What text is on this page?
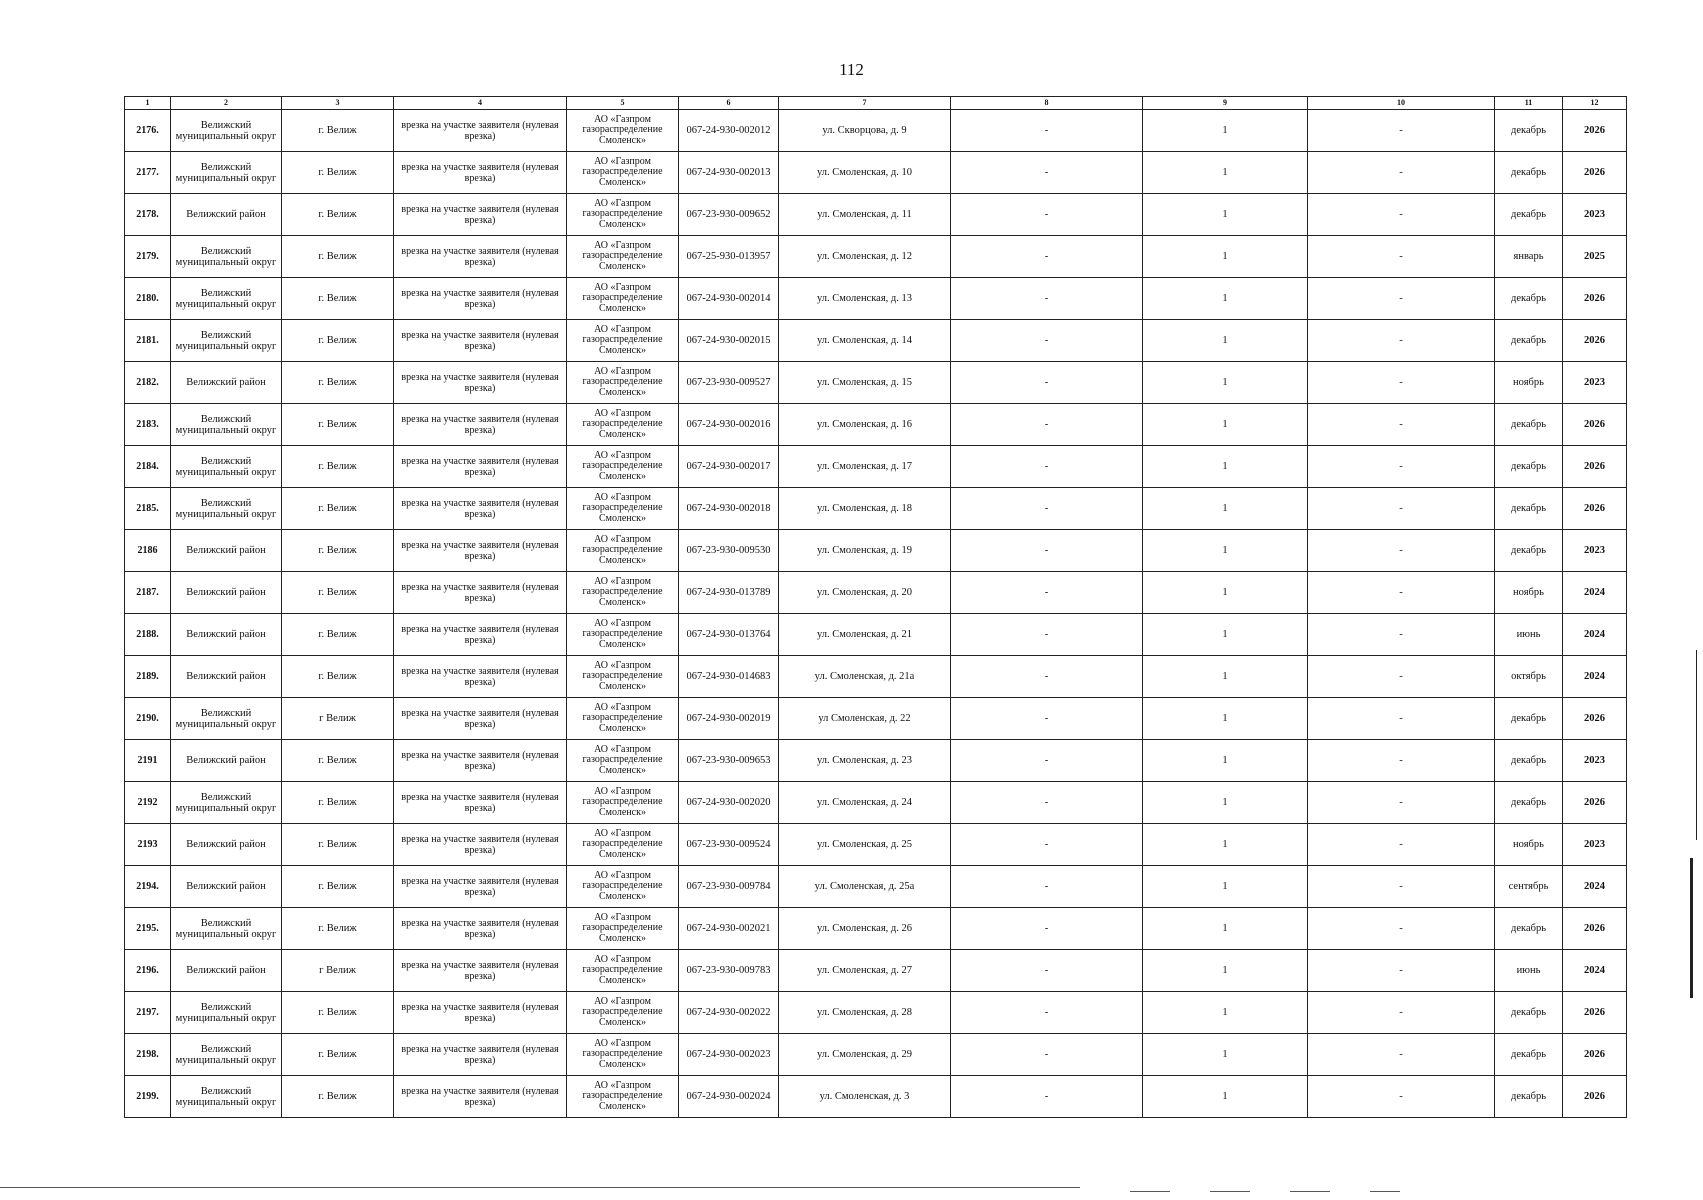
112
1	2	3	4	5	6	7	8	9	10	11	12
2176.	Велижский муниципальный округ	г. Велиж	врезка на участке заявителя (нулевая врезка)	АО «Газпром газораспределение Смоленск»	067-24-930-002012	ул. Скворцова, д. 9	-	1	-	декабрь	2026
2177.	Велижский муниципальный округ	г. Велиж	врезка на участке заявителя (нулевая врезка)	АО «Газпром газораспределение Смоленск»	067-24-930-002013	ул. Смоленская, д. 10	-	1	-	декабрь	2026
2178.	Велижский район	г. Велиж	врезка на участке заявителя (нулевая врезка)	АО «Газпром газораспределение Смоленск»	067-23-930-009652	ул. Смоленская, д. 11	-	1	-	декабрь	2023
2179.	Велижский муниципальный округ	г. Велиж	врезка на участке заявителя (нулевая врезка)	АО «Газпром газораспределение Смоленск»	067-25-930-013957	ул. Смоленская, д. 12	-	1	-	январь	2025
2180.	Велижский муниципальный округ	г. Велиж	врезка на участке заявителя (нулевая врезка)	АО «Газпром газораспределение Смоленск»	067-24-930-002014	ул. Смоленская, д. 13	-	1	-	декабрь	2026
2181.	Велижский муниципальный округ	г. Велиж	врезка на участке заявителя (нулевая врезка)	АО «Газпром газораспределение Смоленск»	067-24-930-002015	ул. Смоленская, д. 14	-	1	-	декабрь	2026
2182.	Велижский район	г. Велиж	врезка на участке заявителя (нулевая врезка)	АО «Газпром газораспределение Смоленск»	067-23-930-009527	ул. Смоленская, д. 15	-	1	-	ноябрь	2023
2183.	Велижский муниципальный округ	г. Велиж	врезка на участке заявителя (нулевая врезка)	АО «Газпром газораспределение Смоленск»	067-24-930-002016	ул. Смоленская, д. 16	-	1	-	декабрь	2026
2184.	Велижский муниципальный округ	г. Велиж	врезка на участке заявителя (нулевая врезка)	АО «Газпром газораспределение Смоленск»	067-24-930-002017	ул. Смоленская, д. 17	-	1	-	декабрь	2026
2185.	Велижский муниципальный округ	г. Велиж	врезка на участке заявителя (нулевая врезка)	АО «Газпром газораспределение Смоленск»	067-24-930-002018	ул. Смоленская, д. 18	-	1	-	декабрь	2026
2186	Велижский район	г. Велиж	врезка на участке заявителя (нулевая врезка)	АО «Газпром газораспределение Смоленск»	067-23-930-009530	ул. Смоленская, д. 19	-	1	-	декабрь	2023
2187.	Велижский район	г. Велиж	врезка на участке заявителя (нулевая врезка)	АО «Газпром газораспределение Смоленск»	067-24-930-013789	ул. Смоленская, д. 20	-	1	-	ноябрь	2024
2188.	Велижский район	г. Велиж	врезка на участке заявителя (нулевая врезка)	АО «Газпром газораспределение Смоленск»	067-24-930-013764	ул. Смоленская, д. 21	-	1	-	июнь	2024
2189.	Велижский район	г. Велиж	врезка на участке заявителя (нулевая врезка)	АО «Газпром газораспределение Смоленск»	067-24-930-014683	ул. Смоленская, д. 21а	-	1	-	октябрь	2024
2190.	Велижский муниципальный округ	г Велиж	врезка на участке заявителя (нулевая врезка)	АО «Газпром газораспределение Смоленск»	067-24-930-002019	ул Смоленская, д. 22	-	1	-	декабрь	2026
2191	Велижский район	г. Велиж	врезка на участке заявителя (нулевая врезка)	АО «Газпром газораспределение Смоленск»	067-23-930-009653	ул. Смоленская, д. 23	-	1	-	декабрь	2023
2192	Велижский муниципальный округ	г. Велиж	врезка на участке заявителя (нулевая врезка)	АО «Газпром газораспределение Смоленск»	067-24-930-002020	ул. Смоленская, д. 24	-	1	-	декабрь	2026
2193	Велижский район	г. Велиж	врезка на участке заявителя (нулевая врезка)	АО «Газпром газораспределение Смоленск»	067-23-930-009524	ул. Смоленская, д. 25	-	1	-	ноябрь	2023
2194.	Велижский район	г. Велиж	врезка на участке заявителя (нулевая врезка)	АО «Газпром газораспределение Смоленск»	067-23-930-009784	ул. Смоленская, д. 25а	-	1	-	сентябрь	2024
2195.	Велижский муниципальный округ	г. Велиж	врезка на участке заявителя (нулевая врезка)	АО «Газпром газораспределение Смоленск»	067-24-930-002021	ул. Смоленская, д. 26	-	1	-	декабрь	2026
2196.	Велижский район	г Велиж	врезка на участке заявителя (нулевая врезка)	АО «Газпром газораспределение Смоленск»	067-23-930-009783	ул. Смоленская, д. 27	-	1	-	июнь	2024
2197.	Велижский муниципальный округ	г. Велиж	врезка на участке заявителя (нулевая врезка)	АО «Газпром газораспределение Смоленск»	067-24-930-002022	ул. Смоленская, д. 28	-	1	-	декабрь	2026
2198.	Велижский муниципальный округ	г. Велиж	врезка на участке заявителя (нулевая врезка)	АО «Газпром газораспределение Смоленск»	067-24-930-002023	ул. Смоленская, д. 29	-	1	-	декабрь	2026
2199.	Велижский муниципальный округ	г. Велиж	врезка на участке заявителя (нулевая врезка)	АО «Газпром газораспределение Смоленск»	067-24-930-002024	ул. Смоленская, д. 3	-	1	-	декабрь	2026
